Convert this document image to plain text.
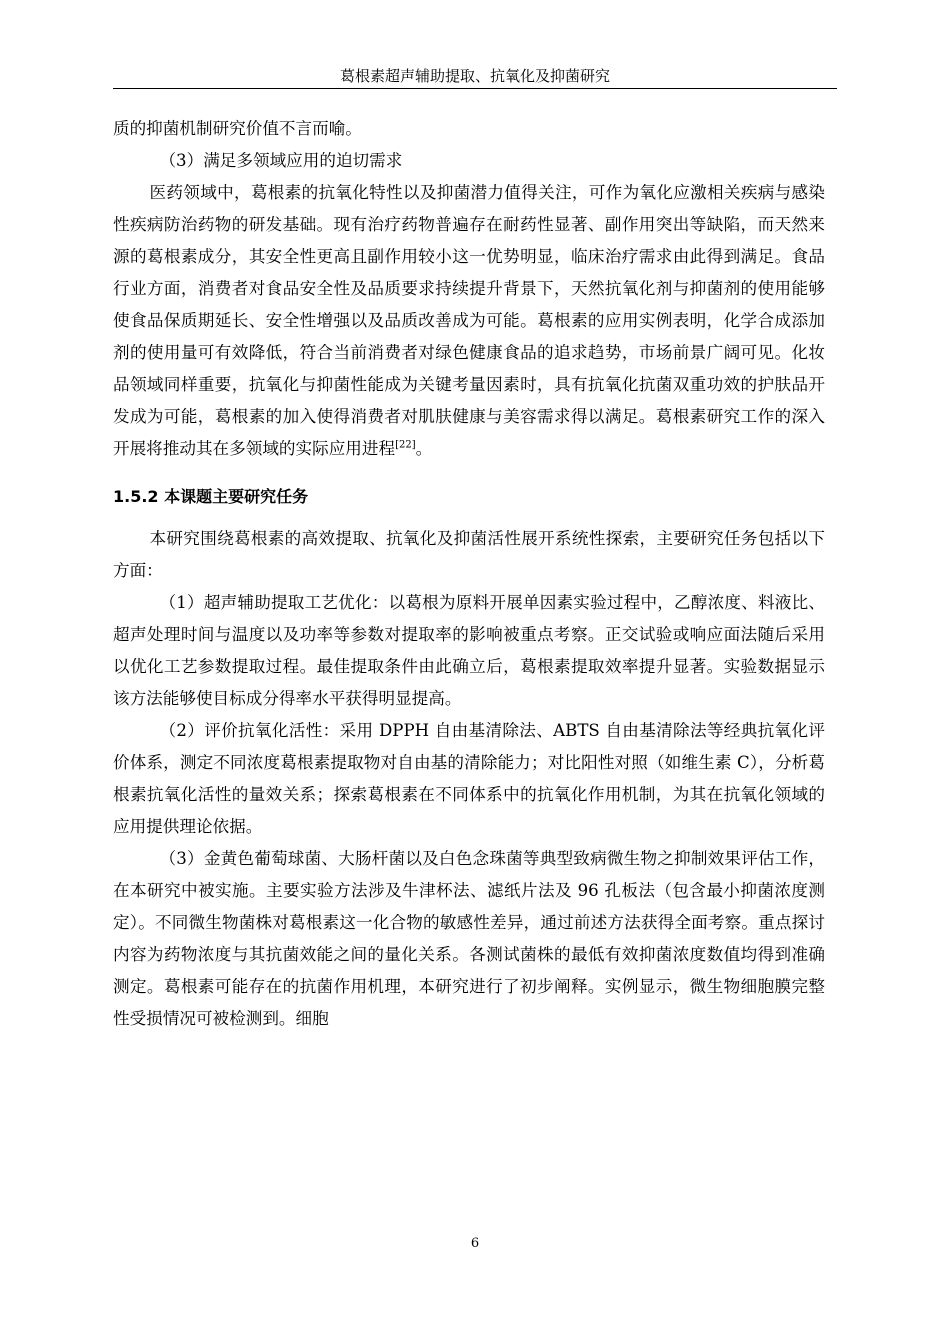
葛根素超声辅助提取、抗氧化及抑菌研究

质的抑菌机制研究价值不言而喻。

（3）满足多领域应用的迫切需求

医药领域中，葛根素的抗氧化特性以及抑菌潜力值得关注，可作为氧化应激相关疾病与感染性疾病防治药物的研发基础。现有治疗药物普遍存在耐药性显著、副作用突出等缺陷，而天然来源的葛根素成分，其安全性更高且副作用较小这一优势明显，临床治疗需求由此得到满足。食品行业方面，消费者对食品安全性及品质要求持续提升背景下，天然抗氧化剂与抑菌剂的使用能够使食品保质期延长、安全性增强以及品质改善成为可能。葛根素的应用实例表明，化学合成添加剂的使用量可有效降低，符合当前消费者对绿色健康食品的追求趋势，市场前景广阔可见。化妆品领域同样重要，抗氧化与抑菌性能成为关键考量因素时，具有抗氧化抗菌双重功效的护肤品开发成为可能，葛根素的加入使得消费者对肌肤健康与美容需求得以满足。葛根素研究工作的深入开展将推动其在多领域的实际应用进程[22]。

1.5.2 本课题主要研究任务

本研究围绕葛根素的高效提取、抗氧化及抑菌活性展开系统性探索，主要研究任务包括以下方面：

（1）超声辅助提取工艺优化：以葛根为原料开展单因素实验过程中，乙醇浓度、料液比、超声处理时间与温度以及功率等参数对提取率的影响被重点考察。正交试验或响应面法随后采用以优化工艺参数提取过程。最佳提取条件由此确立后，葛根素提取效率提升显著。实验数据显示该方法能够使目标成分得率水平获得明显提高。

（2）评价抗氧化活性：采用 DPPH 自由基清除法、ABTS 自由基清除法等经典抗氧化评价体系，测定不同浓度葛根素提取物对自由基的清除能力；对比阳性对照（如维生素 C），分析葛根素抗氧化活性的量效关系；探索葛根素在不同体系中的抗氧化作用机制，为其在抗氧化领域的应用提供理论依据。

（3）金黄色葡萄球菌、大肠杆菌以及白色念珠菌等典型致病微生物之抑制效果评估工作，在本研究中被实施。主要实验方法涉及牛津杯法、滤纸片法及 96 孔板法（包含最小抑菌浓度测定）。不同微生物菌株对葛根素这一化合物的敏感性差异，通过前述方法获得全面考察。重点探讨内容为药物浓度与其抗菌效能之间的量化关系。各测试菌株的最低有效抑菌浓度数值均得到准确测定。葛根素可能存在的抗菌作用机理，本研究进行了初步阐释。实例显示，微生物细胞膜完整性受损情况可被检测到。细胞

6
